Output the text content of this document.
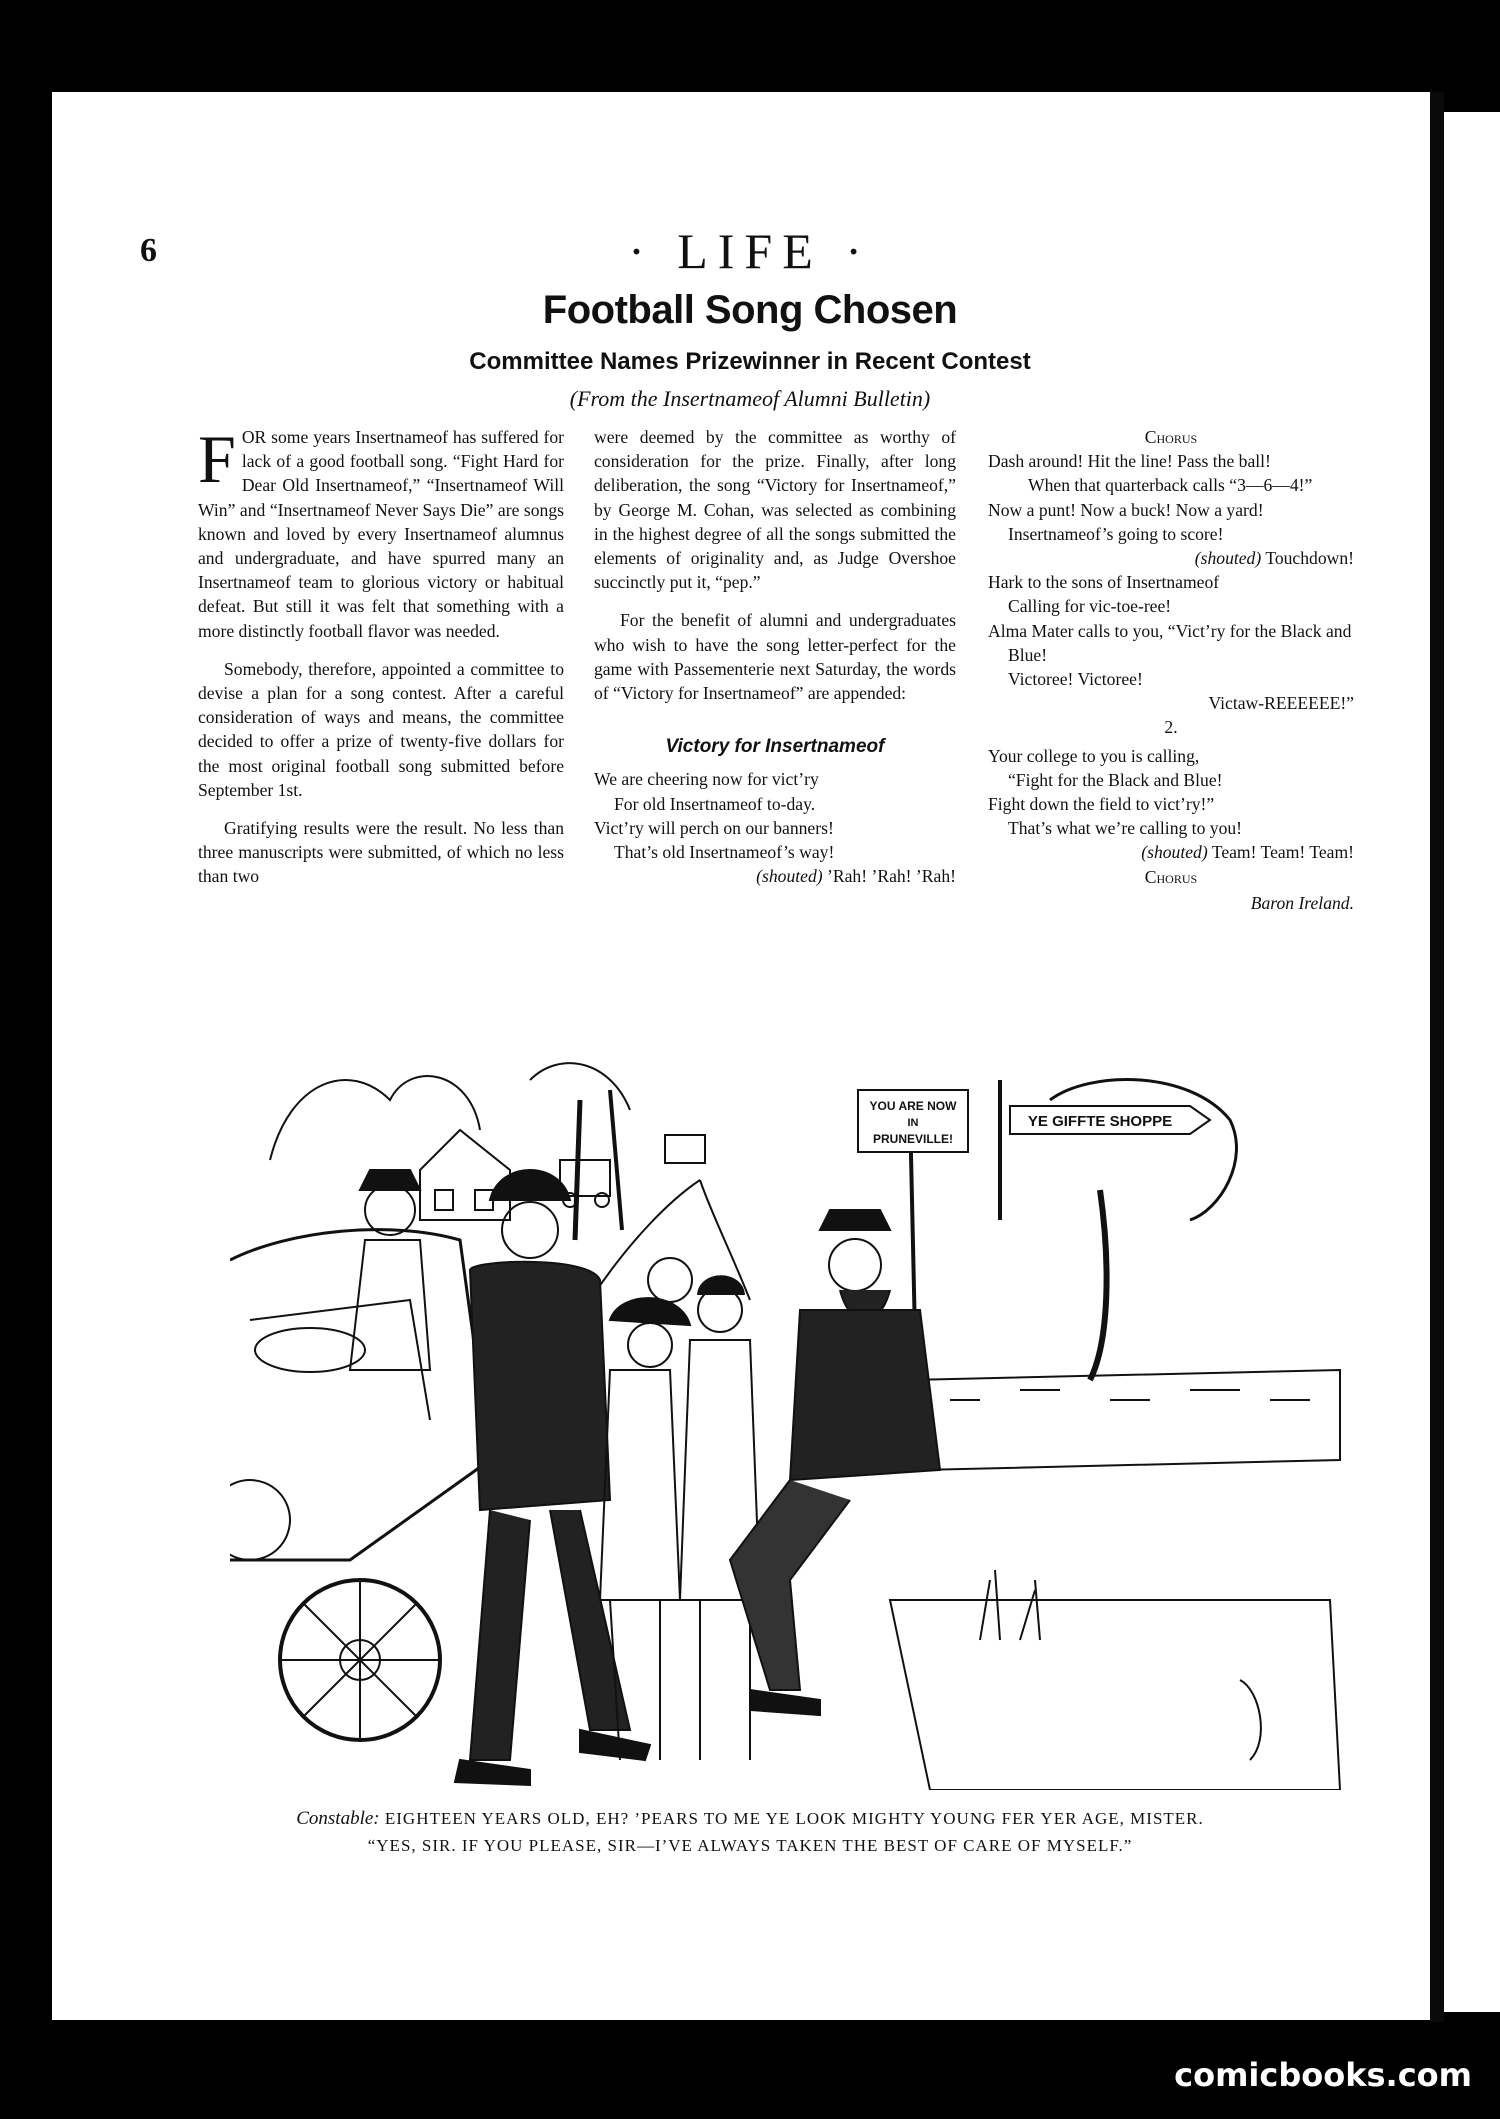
6	· LIFE ·
Football Song Chosen
Committee Names Prizewinner in Recent Contest
(From the Insertnameof Alumni Bulletin)

FOR some years Insertnameof has suffered for lack of a good football song. “Fight Hard for Dear Old Insertnameof,” “Insertnameof Will Win” and “Insertnameof Never Says Die” are songs known and loved by every Insertnameof alumnus and undergraduate, and have spurred many an Insertnameof team to glorious victory or habitual defeat. But still it was felt that something with a more distinctly football flavor was needed.

Somebody, therefore, appointed a committee to devise a plan for a song contest. After a careful consideration of ways and means, the committee decided to offer a prize of twenty-five dollars for the most original football song submitted before September 1st.

Gratifying results were the result. No less than three manuscripts were submitted, of which no less than two

were deemed by the committee as worthy of consideration for the prize. Finally, after long deliberation, the song “Victory for Insertnameof,” by George M. Cohan, was selected as combining in the highest degree of all the songs submitted the elements of originality and, as Judge Overshoe succinctly put it, “pep.”

For the benefit of alumni and undergraduates who wish to have the song letter-perfect for the game with Passementerie next Saturday, the words of “Victory for Insertnameof” are appended:

Victory for Insertnameof
We are cheering now for vict’ry
For old Insertnameof to-day.
Vict’ry will perch on our banners!
That’s old Insertnameof’s way!
(shouted) ’Rah! ’Rah! ’Rah!
Chorus
Dash around! Hit the line! Pass the ball!
When that quarterback calls “3—6—4!”
Now a punt! Now a buck! Now a yard!
Insertnameof’s going to score!
(shouted) Touchdown!
Hark to the sons of Insertnameof
Calling for vic-toe-ree!
Alma Mater calls to you, “Vict’ry for the Black and Blue!
Victoree! Victoree!
Victaw-REEEEEE!”
2.
Your college to you is calling,
“Fight for the Black and Blue!
Fight down the field to vict’ry!”
That’s what we’re calling to you!
(shouted) Team! Team! Team!
Chorus
Baron Ireland.
YOU ARE NOW
IN
PRUNEVILLE!
YE GIFFTE SHOPPE
Constable: EIGHTEEN YEARS OLD, EH? ’PEARS TO ME YE LOOK MIGHTY YOUNG FER YER AGE, MISTER.
“YES, SIR. IF YOU PLEASE, SIR—I’VE ALWAYS TAKEN THE BEST OF CARE OF MYSELF.”
comicbooks.com
